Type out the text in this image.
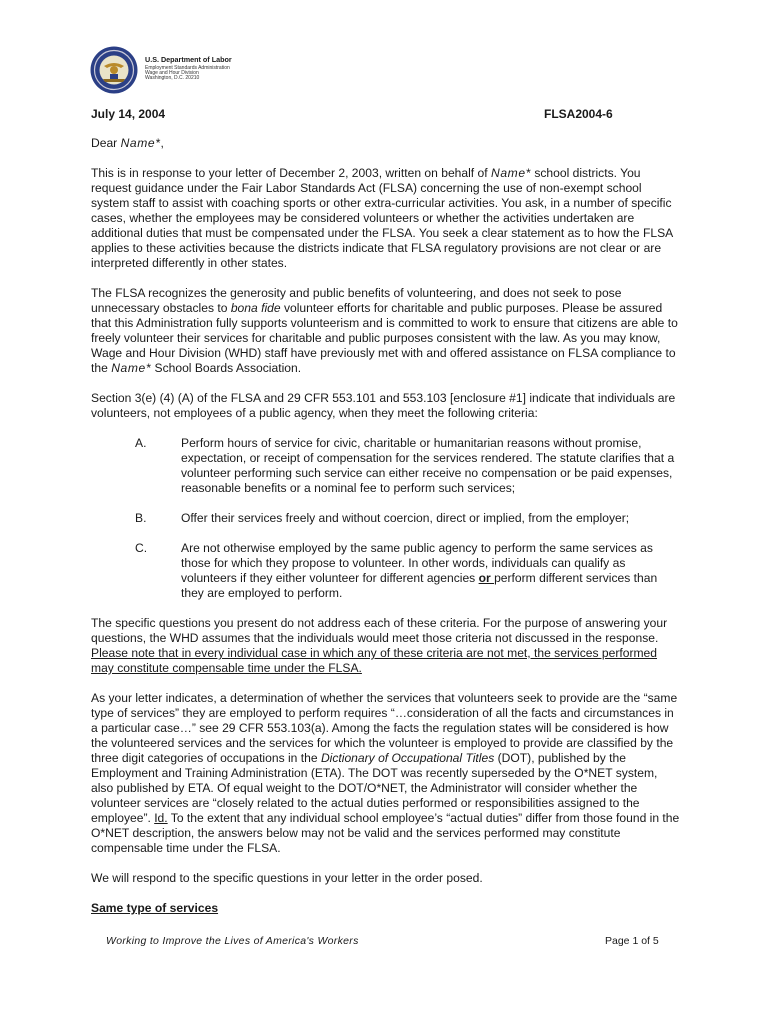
U.S. Department of Labor
Employment Standards Administration
Wage and Hour Division
Washington, D.C. 20210
July 14, 2004	FLSA2004-6

Dear Name*,

This is in response to your letter of December 2, 2003, written on behalf of Name* school districts. You request guidance under the Fair Labor Standards Act (FLSA) concerning the use of non-exempt school system staff to assist with coaching sports or other extra-curricular activities. You ask, in a number of specific cases, whether the employees may be considered volunteers or whether the activities undertaken are additional duties that must be compensated under the FLSA. You seek a clear statement as to how the FLSA applies to these activities because the districts indicate that FLSA regulatory provisions are not clear or are interpreted differently in other states.

The FLSA recognizes the generosity and public benefits of volunteering, and does not seek to pose unnecessary obstacles to bona fide volunteer efforts for charitable and public purposes. Please be assured that this Administration fully supports volunteerism and is committed to work to ensure that citizens are able to freely volunteer their services for charitable and public purposes consistent with the law. As you may know, Wage and Hour Division (WHD) staff have previously met with and offered assistance on FLSA compliance to the Name* School Boards Association.

Section 3(e) (4) (A) of the FLSA and 29 CFR 553.101 and 553.103 [enclosure #1] indicate that individuals are volunteers, not employees of a public agency, when they meet the following criteria:

A.	Perform hours of service for civic, charitable or humanitarian reasons without promise, expectation, or receipt of compensation for the services rendered. The statute clarifies that a volunteer performing such service can either receive no compensation or be paid expenses, reasonable benefits or a nominal fee to perform such services;

B.	Offer their services freely and without coercion, direct or implied, from the employer;

C.	Are not otherwise employed by the same public agency to perform the same services as those for which they propose to volunteer. In other words, individuals can qualify as volunteers if they either volunteer for different agencies or perform different services than they are employed to perform.

The specific questions you present do not address each of these criteria. For the purpose of answering your questions, the WHD assumes that the individuals would meet those criteria not discussed in the response. Please note that in every individual case in which any of these criteria are not met, the services performed may constitute compensable time under the FLSA.

As your letter indicates, a determination of whether the services that volunteers seek to provide are the “same type of services” they are employed to perform requires “…consideration of all the facts and circumstances in a particular case…” see 29 CFR 553.103(a). Among the facts the regulation states will be considered is how the volunteered services and the services for which the volunteer is employed to provide are classified by the three digit categories of occupations in the Dictionary of Occupational Titles (DOT), published by the Employment and Training Administration (ETA). The DOT was recently superseded by the O*NET system, also published by ETA. Of equal weight to the DOT/O*NET, the Administrator will consider whether the volunteer services are “closely related to the actual duties performed or responsibilities assigned to the employee”. Id. To the extent that any individual school employee’s “actual duties” differ from those found in the O*NET description, the answers below may not be valid and the services performed may constitute compensable time under the FLSA.

We will respond to the specific questions in your letter in the order posed.

Same type of services

Working to Improve the Lives of America's Workers	Page 1 of 5
